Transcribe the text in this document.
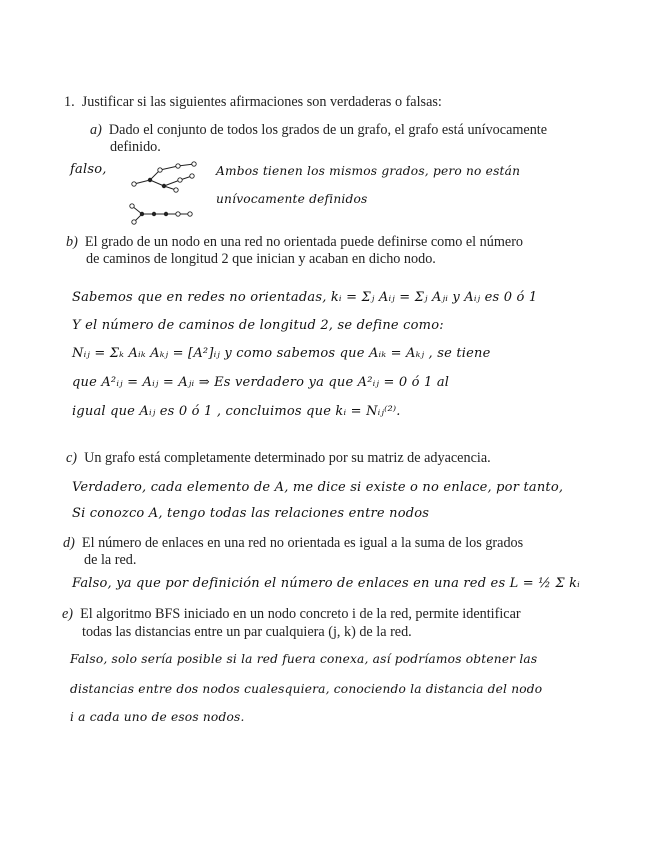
1. Justificar si las siguientes afirmaciones son verdaderas o falsas:
a) Dado el conjunto de todos los grados de un grafo, el grafo está unívocamente
definido.
falso,	Ambos tienen los mismos grados, pero no están
unívocamente definidos
b) El grado de un nodo en una red no orientada puede definirse como el número
de caminos de longitud 2 que inician y acaban en dicho nodo.
Sabemos que en redes no orientadas, kᵢ = Σⱼ Aᵢⱼ = Σⱼ Aⱼᵢ y Aᵢⱼ es 0 ó 1
Y el número de caminos de longitud 2, se define como:
Nᵢⱼ = Σₖ Aᵢₖ Aₖⱼ = [A²]ᵢⱼ y como sabemos que Aᵢₖ = Aₖⱼ , se tiene
que A²ᵢⱼ = Aᵢⱼ = Aⱼᵢ ⇒ Es verdadero ya que A²ᵢⱼ = 0 ó 1 al
igual que Aᵢⱼ es 0 ó 1 , concluimos que kᵢ = Nᵢⱼ⁽²⁾.
c) Un grafo está completamente determinado por su matriz de adyacencia.
Verdadero, cada elemento de A, me dice si existe o no enlace, por tanto,
Si conozco A, tengo todas las relaciones entre nodos
d) El número de enlaces en una red no orientada es igual a la suma de los grados
de la red.
Falso, ya que por definición el número de enlaces en una red es L = ½ Σ kᵢ
e) El algoritmo BFS iniciado en un nodo concreto i de la red, permite identificar
todas las distancias entre un par cualquiera (j, k) de la red.
Falso, solo sería posible si la red fuera conexa, así podríamos obtener las
distancias entre dos nodos cualesquiera, conociendo la distancia del nodo
i a cada uno de esos nodos.
